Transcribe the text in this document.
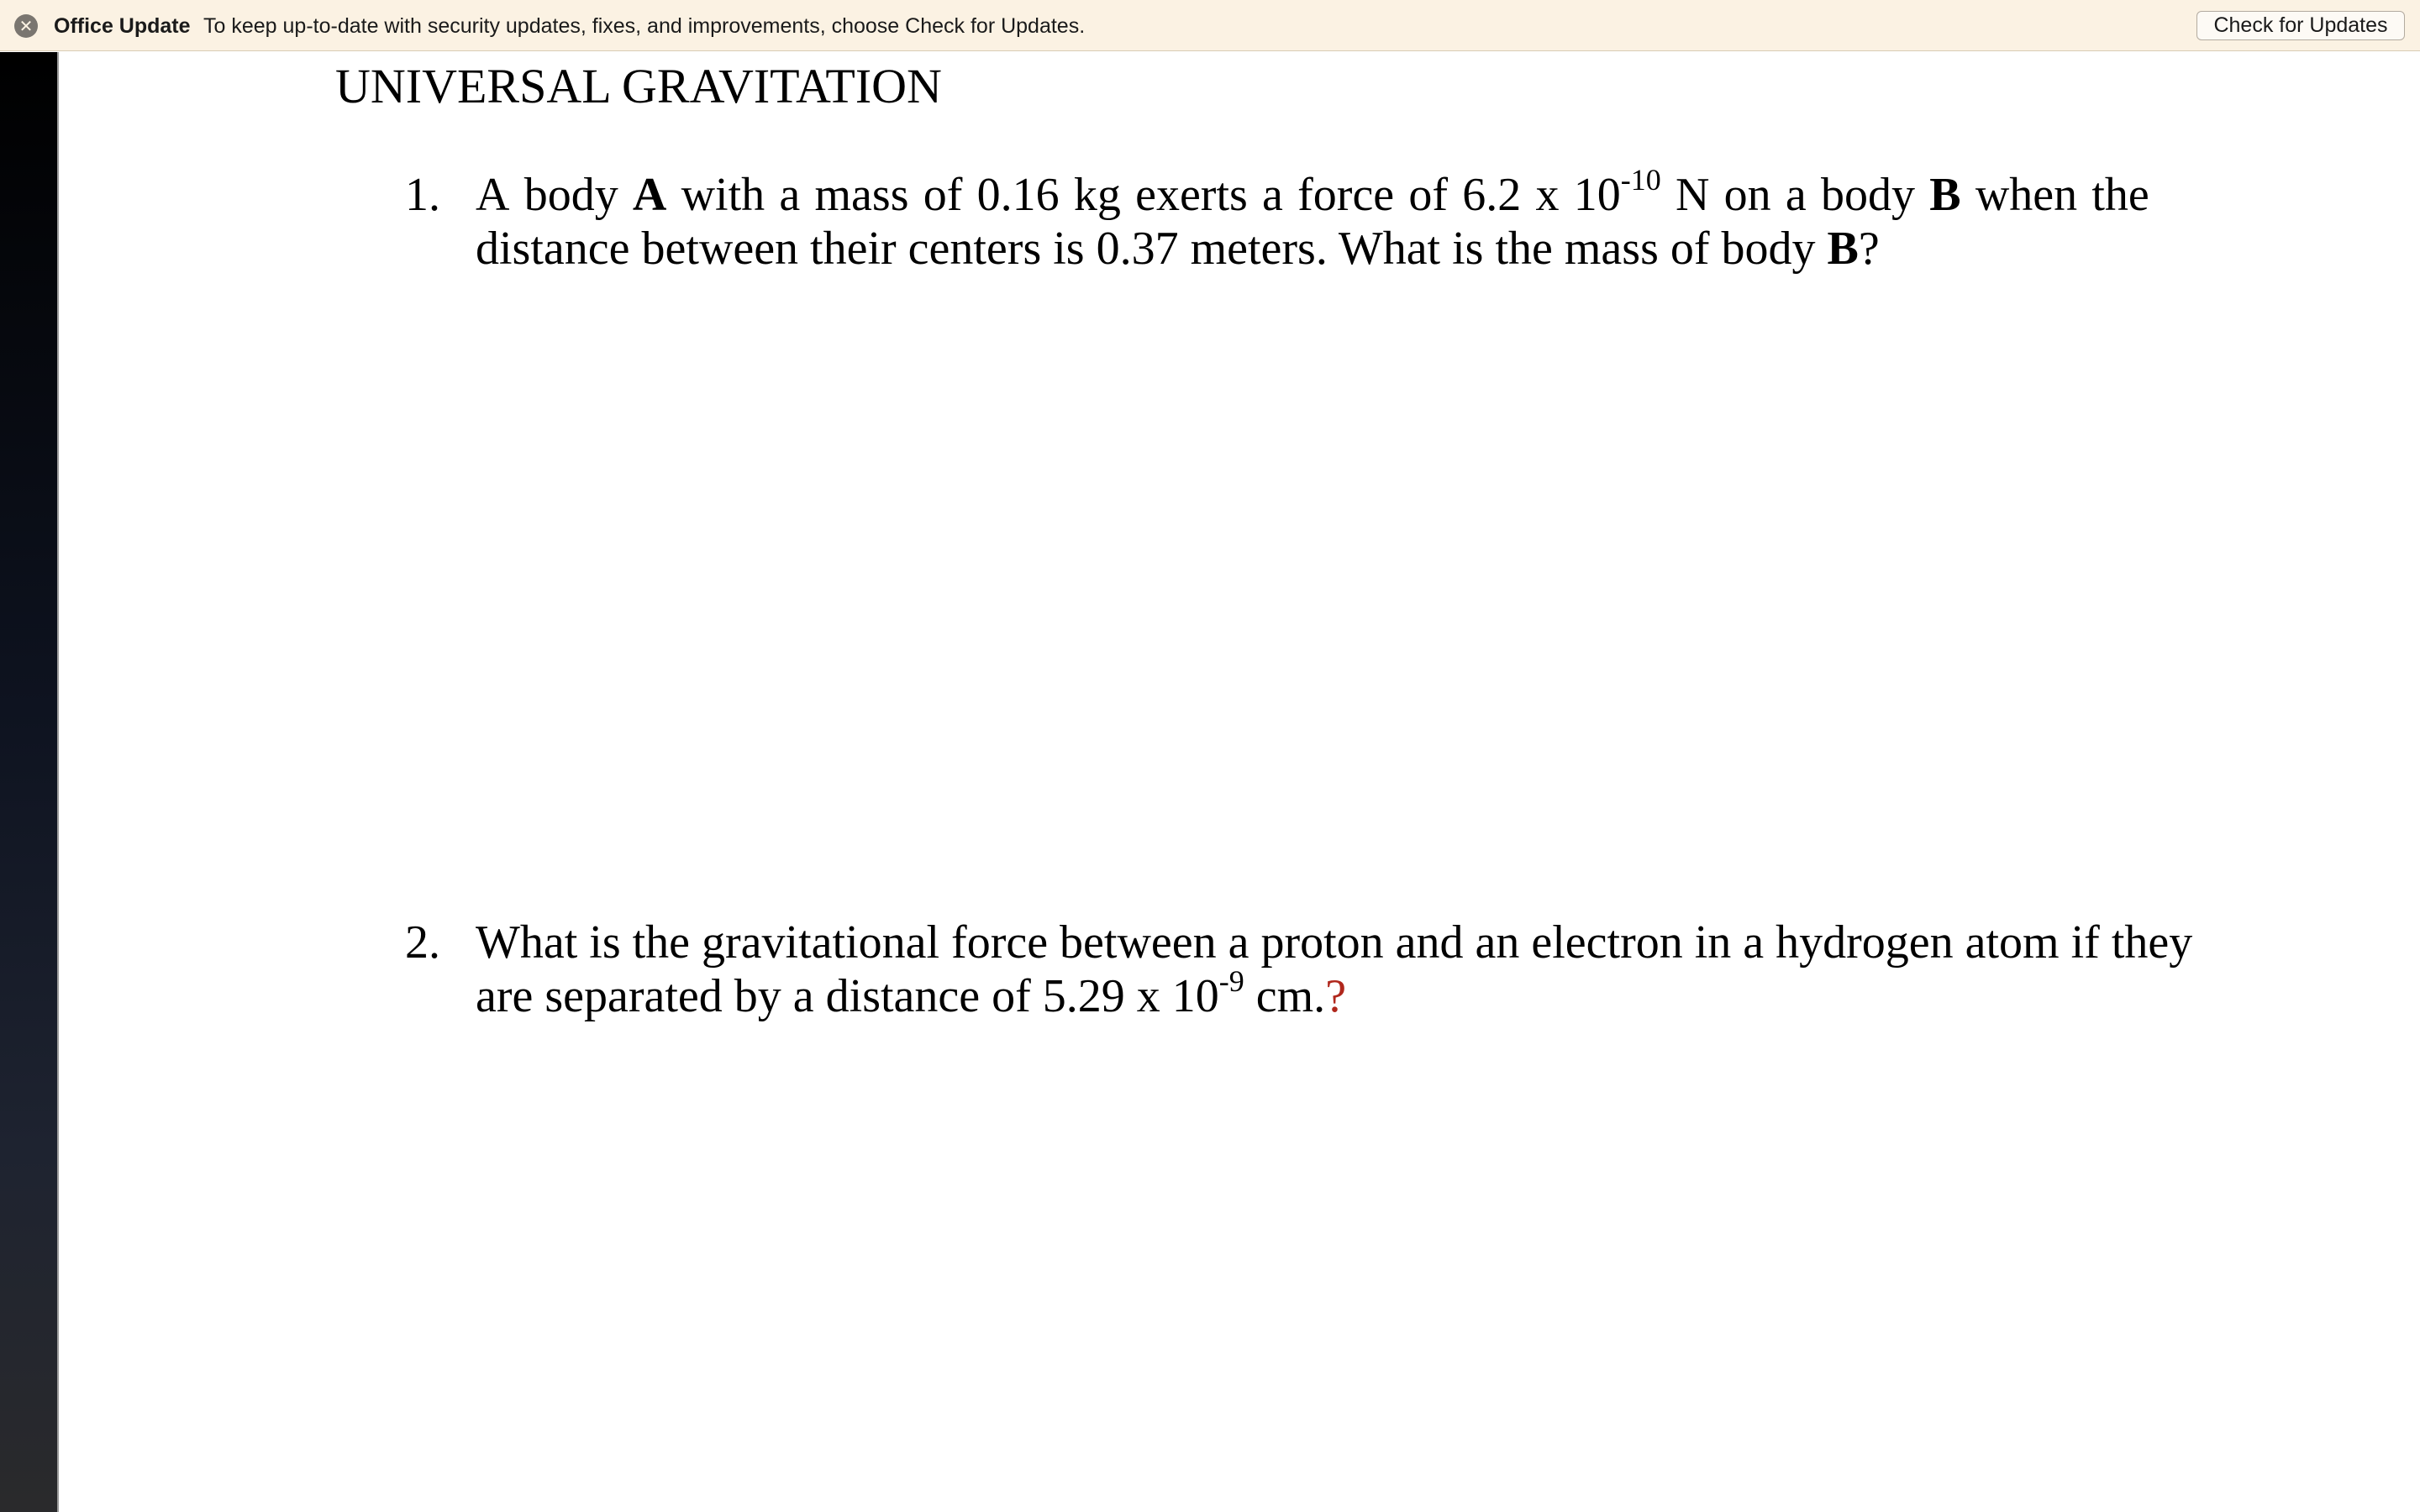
✕ Office Update To keep up-to-date with security updates, fixes, and improvements, choose Check for Updates.	Check for Updates
UNIVERSAL GRAVITATION
1. A body A with a mass of 0.16 kg exerts a force of 6.2 x $10^{-10}$ N on a body B when the
distance between their centers is 0.37 meters. What is the mass of body B?
2. What is the gravitational force between a proton and an electron in a hydrogen atom if they
are separated by a distance of 5.29 x $10^{-9}$ cm.?
